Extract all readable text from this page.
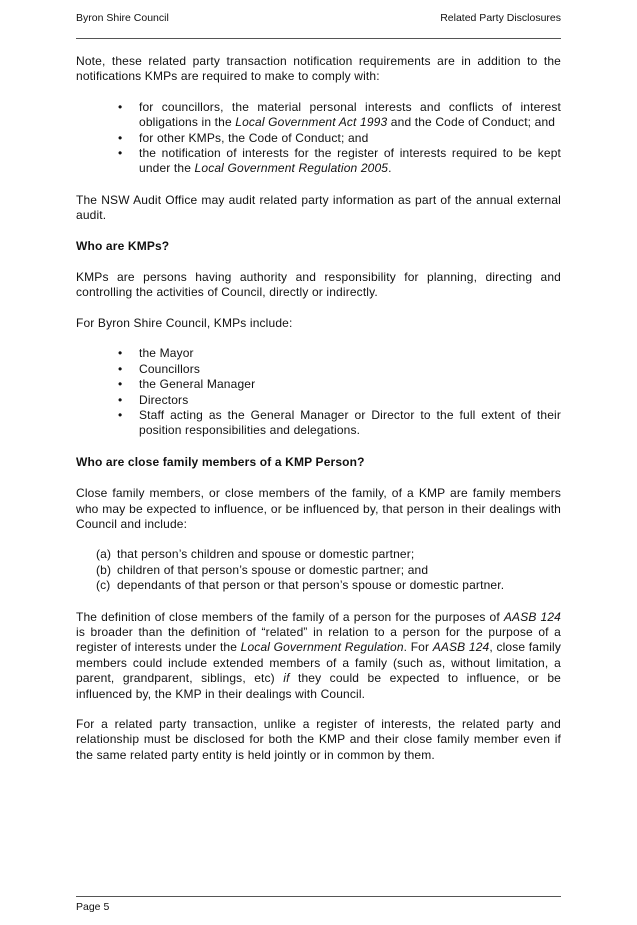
Byron Shire Council	Related Party Disclosures

Note, these related party transaction notification requirements are in addition to the notifications KMPs are required to make to comply with:

• for councillors, the material personal interests and conflicts of interest obligations in the Local Government Act 1993 and the Code of Conduct; and
• for other KMPs, the Code of Conduct; and
• the notification of interests for the register of interests required to be kept under the Local Government Regulation 2005.

The NSW Audit Office may audit related party information as part of the annual external audit.

Who are KMPs?

KMPs are persons having authority and responsibility for planning, directing and controlling the activities of Council, directly or indirectly.

For Byron Shire Council, KMPs include:

• the Mayor
• Councillors
• the General Manager
• Directors
• Staff acting as the General Manager or Director to the full extent of their position responsibilities and delegations.
Who are close family members of a KMP Person?

Close family members, or close members of the family, of a KMP are family members who may be expected to influence, or be influenced by, that person in their dealings with Council and include:

(a) that person’s children and spouse or domestic partner;
(b) children of that person’s spouse or domestic partner; and
(c) dependants of that person or that person’s spouse or domestic partner.

The definition of close members of the family of a person for the purposes of AASB 124 is broader than the definition of “related” in relation to a person for the purpose of a register of interests under the Local Government Regulation. For AASB 124, close family members could include extended members of a family (such as, without limitation, a parent, grandparent, siblings, etc) if they could be expected to influence, or be influenced by, the KMP in their dealings with Council.

For a related party transaction, unlike a register of interests, the related party and relationship must be disclosed for both the KMP and their close family member even if the same related party entity is held jointly or in common by them.

Page 5
